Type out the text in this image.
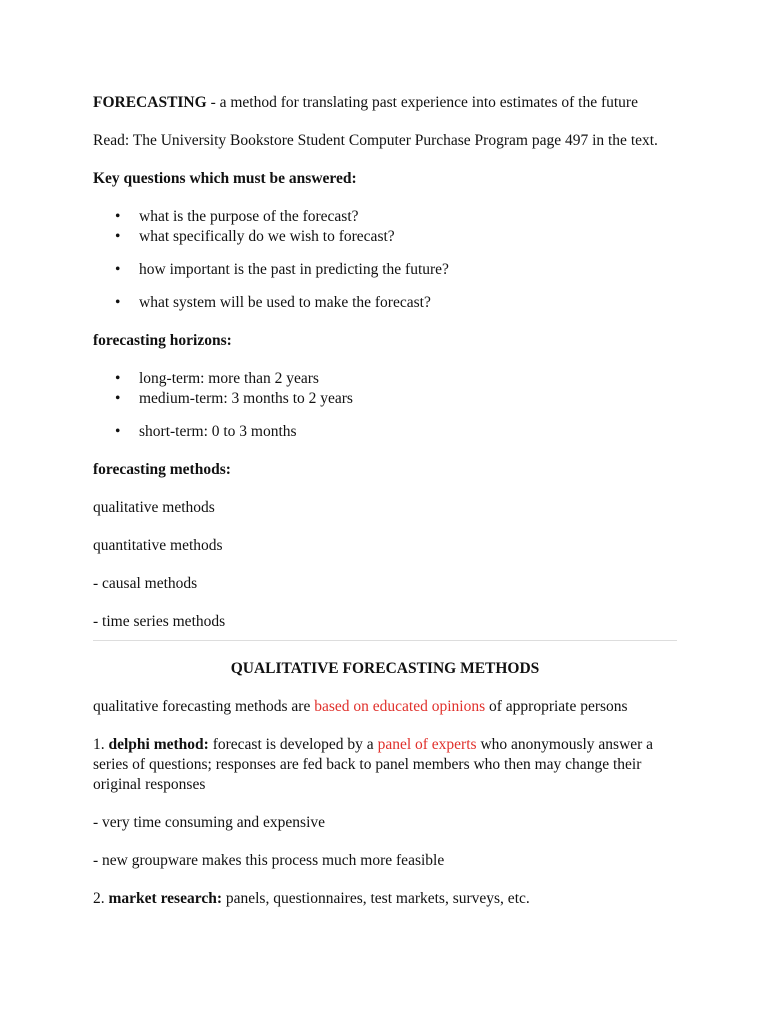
FORECASTING - a method for translating past experience into estimates of the future

Read: The University Bookstore Student Computer Purchase Program page 497 in the text.

Key questions which must be answered:

• what is the purpose of the forecast?
• what specifically do we wish to forecast?
• how important is the past in predicting the future?
• what system will be used to make the forecast?

forecasting horizons:

• long-term: more than 2 years
• medium-term: 3 months to 2 years
• short-term: 0 to 3 months

forecasting methods:

qualitative methods

quantitative methods

- causal methods

- time series methods

QUALITATIVE FORECASTING METHODS

qualitative forecasting methods are based on educated opinions of appropriate persons

1. delphi method: forecast is developed by a panel of experts who anonymously answer a series of questions; responses are fed back to panel members who then may change their original responses

- very time consuming and expensive

- new groupware makes this process much more feasible

2. market research: panels, questionnaires, test markets, surveys, etc.
